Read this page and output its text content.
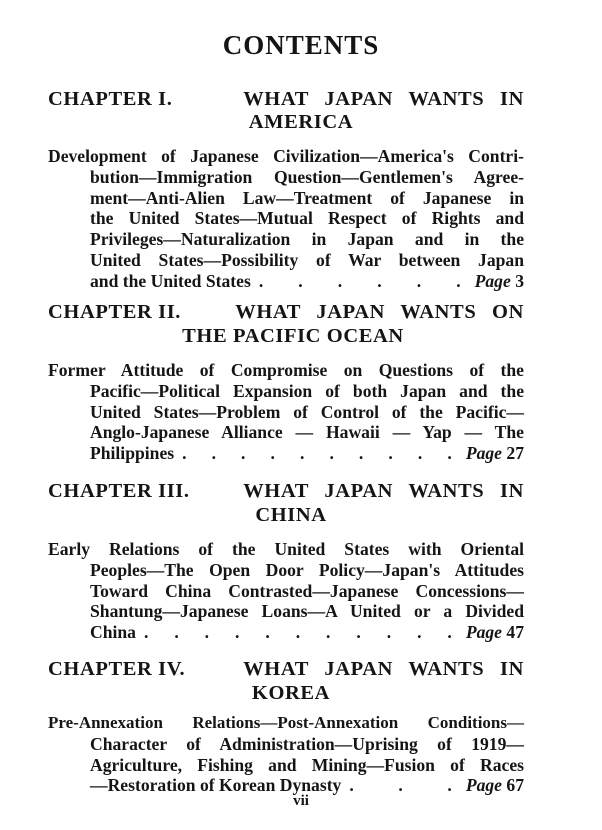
CONTENTS
CHAPTER I.	WHAT JAPAN WANTS IN
AMERICA
Development of Japanese Civilization—America's Contri-
bution—Immigration Question—Gentlemen's Agree-
ment—Anti-Alien Law—Treatment of Japanese in
the United States—Mutual Respect of Rights and
Privileges—Naturalization in Japan and in the
United States—Possibility of War between Japan
and the United States . . . . . . Page 3
CHAPTER II.	WHAT JAPAN WANTS ON
THE PACIFIC OCEAN
Former Attitude of Compromise on Questions of the
Pacific—Political Expansion of both Japan and the
United States—Problem of Control of the Pacific—
Anglo-Japanese Alliance — Hawaii — Yap — The
Philippines . . . . . . . . . . Page 27
CHAPTER III.	WHAT JAPAN WANTS IN
CHINA
Early Relations of the United States with Oriental
Peoples—The Open Door Policy—Japan's Attitudes
Toward China Contrasted—Japanese Concessions—
Shantung—Japanese Loans—A United or a Divided
China . . . . . . . . . . . Page 47
CHAPTER IV.	WHAT JAPAN WANTS IN
KOREA
Pre-Annexation Relations—Post-Annexation Conditions—
Character of Administration—Uprising of 1919—
Agriculture, Fishing and Mining—Fusion of Races
—Restoration of Korean Dynasty .	.	. Page 67
vii
